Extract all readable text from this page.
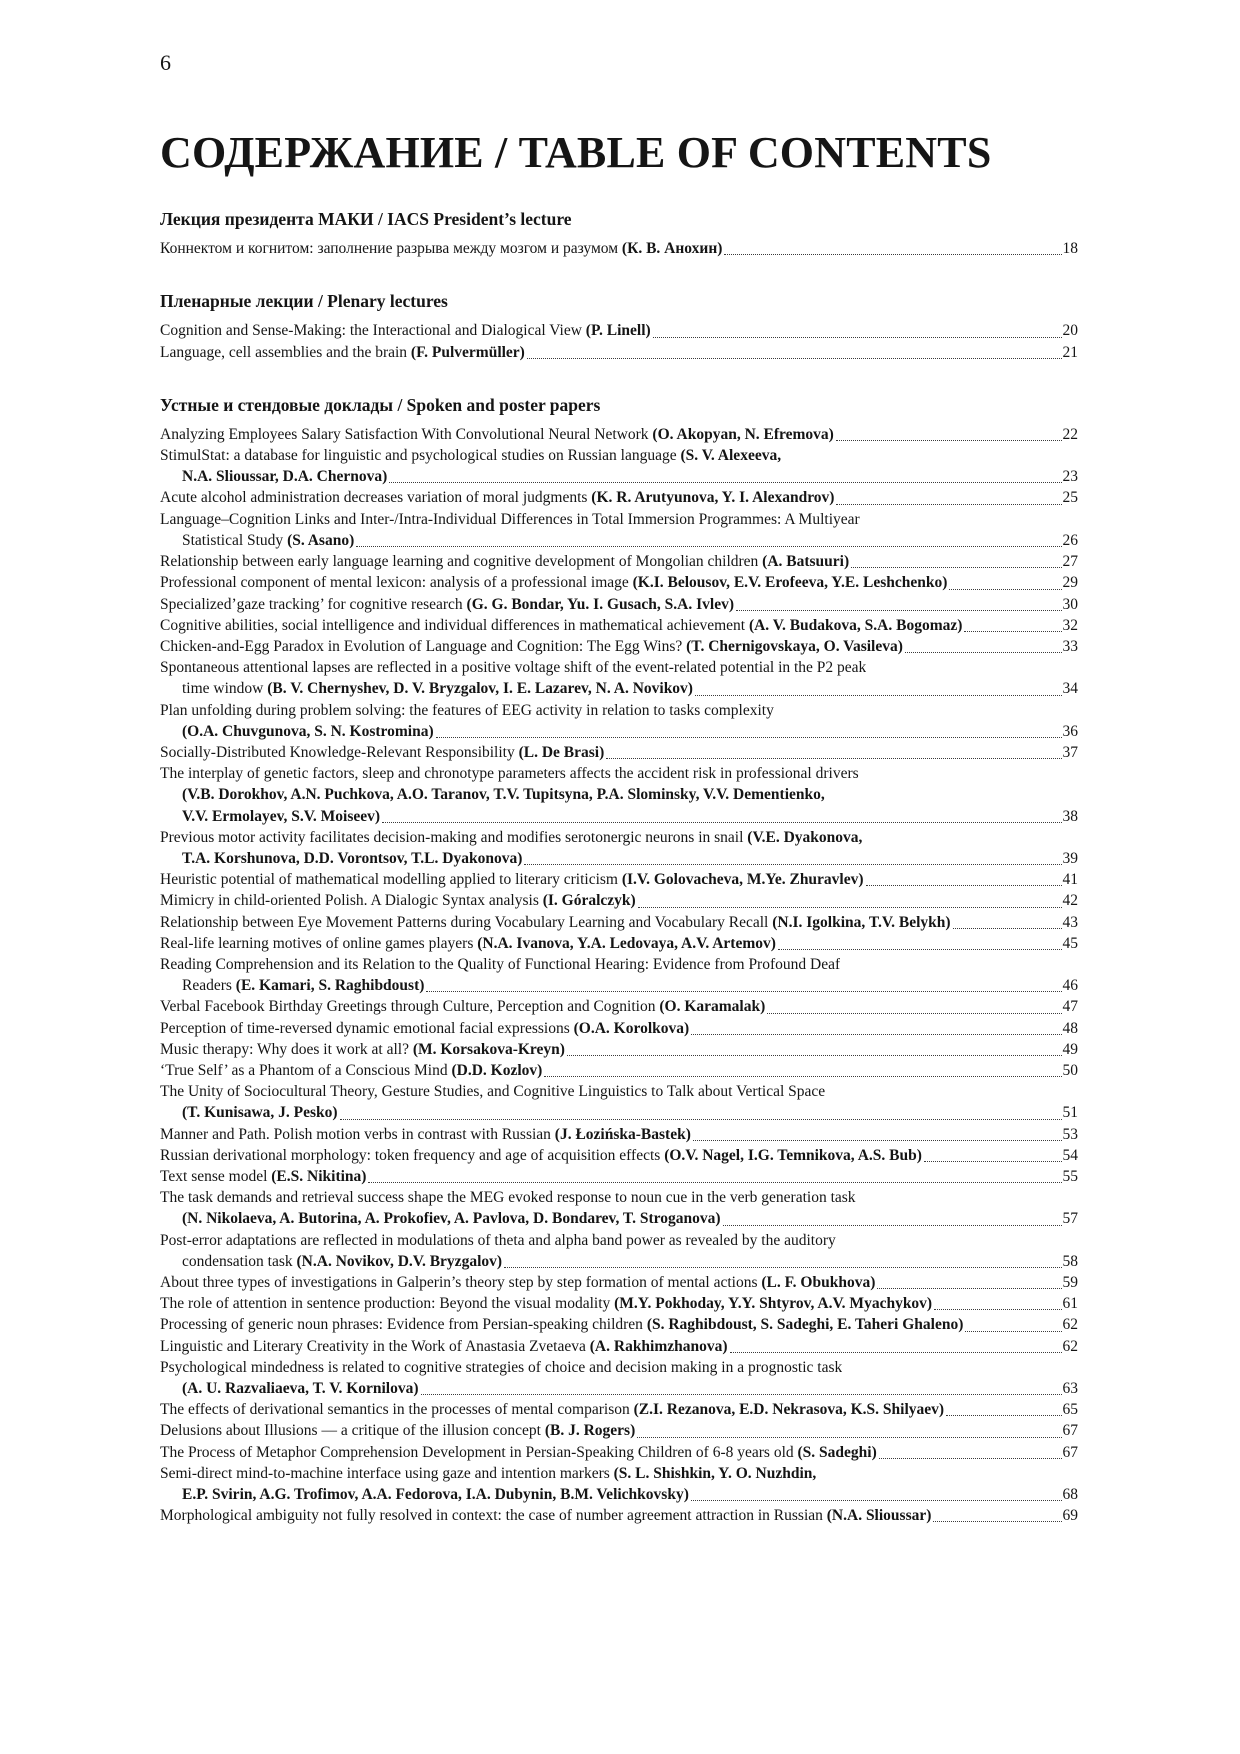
6
СОДЕРЖАНИЕ / TABLE OF CONTENTS
Лекция президента МАКИ / IACS President’s lecture
Коннектом и когнитом: заполнение разрыва между мозгом и разумом (К. В. Анохин)	18
Пленарные лекции / Plenary lectures
Cognition and Sense-Making: the Interactional and Dialogical View (P. Linell)	20
Language, cell assemblies and the brain (F. Pulvermüller)	21
Устные и стендовые доклады / Spoken and poster papers
Analyzing Employees Salary Satisfaction With Convolutional Neural Network (O. Akopyan, N. Efremova)	22
StimulStat: a database for linguistic and psychological studies on Russian language (S. V. Alexeeva,
N.A. Slioussar, D.A. Chernova)	23
Acute alcohol administration decreases variation of moral judgments (K. R. Arutyunova, Y. I. Alexandrov)	25
Language–Cognition Links and Inter-/Intra-Individual Differences in Total Immersion Programmes: A Multiyear
Statistical Study (S. Asano)	26
Relationship between early language learning and cognitive development of Mongolian children (A. Batsuuri)	27
Professional component of mental lexicon: analysis of a professional image (K.I. Belousov, E.V. Erofeeva, Y.E. Leshchenko)	29
Specialized’gaze tracking’ for cognitive research (G. G. Bondar, Yu. I. Gusach, S.A. Ivlev)	30
Cognitive abilities, social intelligence and individual differences in mathematical achievement (A. V. Budakova, S.A. Bogomaz)	32
Chicken-and-Egg Paradox in Evolution of Language and Cognition: The Egg Wins? (T. Chernigovskaya, O. Vasileva)	33
Spontaneous attentional lapses are reflected in a positive voltage shift of the event-related potential in the P2 peak
time window (B. V. Chernyshev, D. V. Bryzgalov, I. E. Lazarev, N. A. Novikov)	34
Plan unfolding during problem solving: the features of EEG activity in relation to tasks complexity
(O.A. Chuvgunova, S. N. Kostromina)	36
Socially-Distributed Knowledge-Relevant Responsibility (L. De Brasi)	37
The interplay of genetic factors, sleep and chronotype parameters affects the accident risk in professional drivers
(V.B. Dorokhov, A.N. Puchkova, A.O. Taranov, T.V. Tupitsyna, P.A. Slominsky, V.V. Dementienko,
V.V. Ermolayev, S.V. Moiseev)	38
Previous motor activity facilitates decision-making and modifies serotonergic neurons in snail (V.E. Dyakonova,
T.A. Korshunova, D.D. Vorontsov, T.L. Dyakonova)	39
Heuristic potential of mathematical modelling applied to literary criticism (I.V. Golovacheva, M.Ye. Zhuravlev)	41
Mimicry in child-oriented Polish. A Dialogic Syntax analysis (I. Góralczyk)	42
Relationship between Eye Movement Patterns during Vocabulary Learning and Vocabulary Recall (N.I. Igolkina, T.V. Belykh)	43
Real-life learning motives of online games players (N.A. Ivanova, Y.A. Ledovaya, A.V. Artemov)	45
Reading Comprehension and its Relation to the Quality of Functional Hearing: Evidence from Profound Deaf
Readers (E. Kamari, S. Raghibdoust)	46
Verbal Facebook Birthday Greetings through Culture, Perception and Cognition (O. Karamalak)	47
Perception of time-reversed dynamic emotional facial expressions (O.A. Korolkova)	48
Music therapy: Why does it work at all? (M. Korsakova-Kreyn)	49
‘True Self’ as a Phantom of a Conscious Mind (D.D. Kozlov)	50
The Unity of Sociocultural Theory, Gesture Studies, and Cognitive Linguistics to Talk about Vertical Space
(T. Kunisawa, J. Pesko)	51
Manner and Path. Polish motion verbs in contrast with Russian (J. Łozińska-Bastek)	53
Russian derivational morphology: token frequency and age of acquisition effects (O.V. Nagel, I.G. Temnikova, A.S. Bub)	54
Text sense model (E.S. Nikitina)	55
The task demands and retrieval success shape the MEG evoked response to noun cue in the verb generation task
(N. Nikolaeva, A. Butorina, A. Prokofiev, A. Pavlova, D. Bondarev, T. Stroganova)	57
Post-error adaptations are reflected in modulations of theta and alpha band power as revealed by the auditory
condensation task (N.A. Novikov, D.V. Bryzgalov)	58
About three types of investigations in Galperin’s theory step by step formation of mental actions (L. F. Obukhova)	59
The role of attention in sentence production: Beyond the visual modality (M.Y. Pokhoday, Y.Y. Shtyrov, A.V. Myachykov)	61
Processing of generic noun phrases: Evidence from Persian-speaking children (S. Raghibdoust, S. Sadeghi, E. Taheri Ghaleno)	62
Linguistic and Literary Creativity in the Work of Anastasia Zvetaeva (A. Rakhimzhanova)	62
Psychological mindedness is related to cognitive strategies of choice and decision making in a prognostic task
(A. U. Razvaliaeva, T. V. Kornilova)	63
The effects of derivational semantics in the processes of mental comparison (Z.I. Rezanova, E.D. Nekrasova, K.S. Shilyaev)	65
Delusions about Illusions — a critique of the illusion concept (B. J. Rogers)	67
The Process of Metaphor Comprehension Development in Persian-Speaking Children of 6-8 years old (S. Sadeghi)	67
Semi-direct mind-to-machine interface using gaze and intention markers (S. L. Shishkin, Y. O. Nuzhdin,
E.P. Svirin, A.G. Trofimov, A.A. Fedorova, I.A. Dubynin, B.M. Velichkovsky)	68
Morphological ambiguity not fully resolved in context: the case of number agreement attraction in Russian (N.A. Slioussar)	69
